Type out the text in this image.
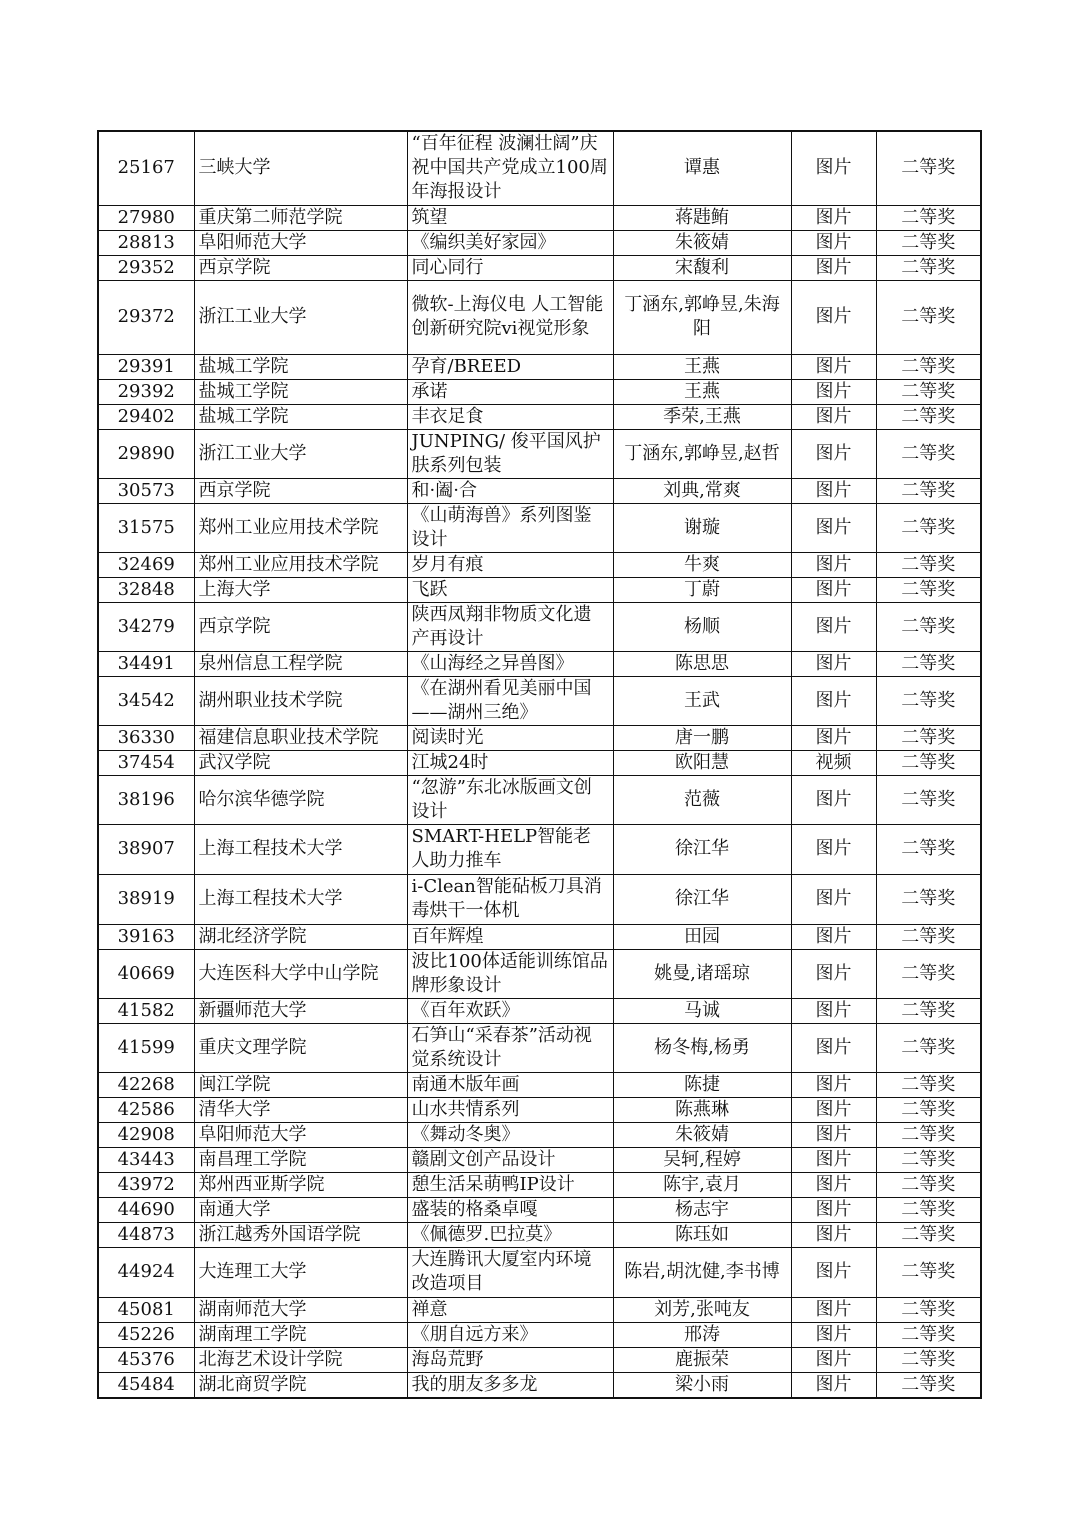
25167	三峡大学	“百年征程 波澜壮阔”庆祝中国共产党成立100周年海报设计	谭惠	图片	二等奖
27980	重庆第二师范学院	筑望	蒋韪鲔	图片	二等奖
28813	阜阳师范大学	《编织美好家园》	朱筱婧	图片	二等奖
29352	西京学院	同心同行	宋馥利	图片	二等奖
29372	浙江工业大学	微软-上海仪电 人工智能创新研究院vi视觉形象	丁涵东,郭峥昱,朱海阳	图片	二等奖
29391	盐城工学院	孕育/BREED	王燕	图片	二等奖
29392	盐城工学院	承诺	王燕	图片	二等奖
29402	盐城工学院	丰衣足食	季荣,王燕	图片	二等奖
29890	浙江工业大学	JUNPING/ 俊平国风护肤系列包装	丁涵东,郭峥昱,赵哲	图片	二等奖
30573	西京学院	和·阖·合	刘典,常爽	图片	二等奖
31575	郑州工业应用技术学院	《山萌海兽》系列图鉴设计	谢璇	图片	二等奖
32469	郑州工业应用技术学院	岁月有痕	牛爽	图片	二等奖
32848	上海大学	飞跃	丁蔚	图片	二等奖
34279	西京学院	陕西凤翔非物质文化遗产再设计	杨顺	图片	二等奖
34491	泉州信息工程学院	《山海经之异兽图》	陈思思	图片	二等奖
34542	湖州职业技术学院	《在湖州看见美丽中国——湖州三绝》	王武	图片	二等奖
36330	福建信息职业技术学院	阅读时光	唐一鹏	图片	二等奖
37454	武汉学院	江城24时	欧阳慧	视频	二等奖
38196	哈尔滨华德学院	“忽游”东北冰版画文创设计	范薇	图片	二等奖
38907	上海工程技术大学	SMART-HELP智能老人助力推车	徐江华	图片	二等奖
38919	上海工程技术大学	i-Clean智能砧板刀具消毒烘干一体机	徐江华	图片	二等奖
39163	湖北经济学院	百年辉煌	田园	图片	二等奖
40669	大连医科大学中山学院	波比100体适能训练馆品牌形象设计	姚曼,诸瑶琼	图片	二等奖
41582	新疆师范大学	《百年欢跃》	马诚	图片	二等奖
41599	重庆文理学院	石笋山“采春茶”活动视觉系统设计	杨冬梅,杨勇	图片	二等奖
42268	闽江学院	南通木版年画	陈捷	图片	二等奖
42586	清华大学	山水共情系列	陈燕琳	图片	二等奖
42908	阜阳师范大学	《舞动冬奥》	朱筱婧	图片	二等奖
43443	南昌理工学院	赣剧文创产品设计	吴轲,程婷	图片	二等奖
43972	郑州西亚斯学院	憩生活呆萌鸭IP设计	陈宇,袁月	图片	二等奖
44690	南通大学	盛装的格桑卓嘎	杨志宇	图片	二等奖
44873	浙江越秀外国语学院	《佩德罗.巴拉莫》	陈珏如	图片	二等奖
44924	大连理工大学	大连腾讯大厦室内环境改造项目	陈岩,胡沈健,李书博	图片	二等奖
45081	湖南师范大学	禅意	刘芳,张吨友	图片	二等奖
45226	湖南理工学院	《朋自远方来》	邢涛	图片	二等奖
45376	北海艺术设计学院	海岛荒野	鹿振荣	图片	二等奖
45484	湖北商贸学院	我的朋友多多龙	梁小雨	图片	二等奖
